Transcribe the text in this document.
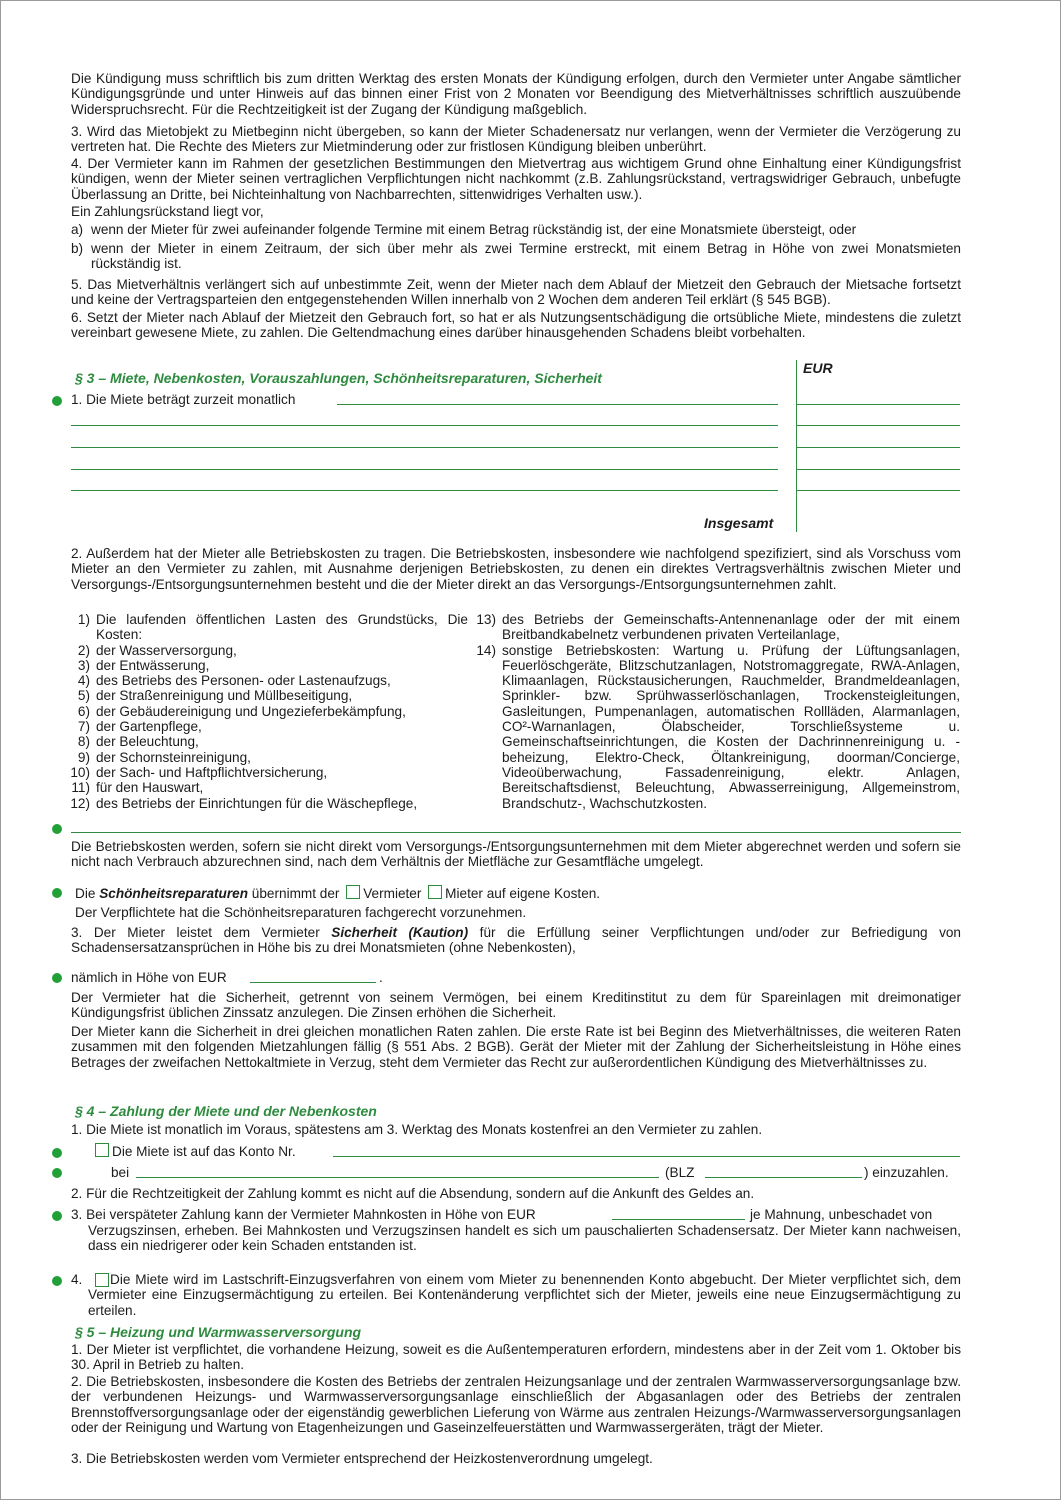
Die Kündigung muss schriftlich bis zum dritten Werktag des ersten Monats der Kündigung erfolgen, durch den Vermieter unter Angabe sämtlicher Kündigungsgründe und unter Hinweis auf das binnen einer Frist von 2 Monaten vor Beendigung des Mietverhältnisses schriftlich auszuübende Widerspruchsrecht. Für die Rechtzeitigkeit ist der Zugang der Kündigung maßgeblich.

3. Wird das Mietobjekt zu Mietbeginn nicht übergeben, so kann der Mieter Schadenersatz nur verlangen, wenn der Vermieter die Verzögerung zu vertreten hat. Die Rechte des Mieters zur Mietminderung oder zur fristlosen Kündigung bleiben unberührt.

4. Der Vermieter kann im Rahmen der gesetzlichen Bestimmungen den Mietvertrag aus wichtigem Grund ohne Einhaltung einer Kündigungsfrist kündigen, wenn der Mieter seinen vertraglichen Verpflichtungen nicht nachkommt (z.B. Zahlungsrückstand, vertragswidriger Gebrauch, unbefugte Überlassung an Dritte, bei Nichteinhaltung von Nachbarrechten, sittenwidriges Verhalten usw.).

Ein Zahlungsrückstand liegt vor,

a) wenn der Mieter für zwei aufeinander folgende Termine mit einem Betrag rückständig ist, der eine Monatsmiete übersteigt, oder
b) wenn der Mieter in einem Zeitraum, der sich über mehr als zwei Termine erstreckt, mit einem Betrag in Höhe von zwei Monatsmieten rückständig ist.

5. Das Mietverhältnis verlängert sich auf unbestimmte Zeit, wenn der Mieter nach dem Ablauf der Mietzeit den Gebrauch der Mietsache fortsetzt und keine der Vertragsparteien den entgegenstehenden Willen innerhalb von 2 Wochen dem anderen Teil erklärt (§ 545 BGB).

6. Setzt der Mieter nach Ablauf der Mietzeit den Gebrauch fort, so hat er als Nutzungsentschädigung die ortsübliche Miete, mindestens die zuletzt vereinbart gewesene Miete, zu zahlen. Die Geltendmachung eines darüber hinausgehenden Schadens bleibt vorbehalten.

EUR

§ 3 – Miete, Nebenkosten, Vorauszahlungen, Schönheitsreparaturen, Sicherheit

1. Die Miete beträgt zurzeit monatlich

Insgesamt

2. Außerdem hat der Mieter alle Betriebskosten zu tragen. Die Betriebskosten, insbesondere wie nachfolgend spezifiziert, sind als Vorschuss vom Mieter an den Vermieter zu zahlen, mit Ausnahme derjenigen Betriebskosten, zu denen ein direktes Vertragsverhältnis zwischen Mieter und Versorgungs-/Entsorgungsunternehmen besteht und die der Mieter direkt an das Versorgungs-/Entsorgungsunternehmen zahlt.

1) Die laufenden öffentlichen Lasten des Grundstücks, Die Kosten:
2) der Wasserversorgung,
3) der Entwässerung,
4) des Betriebs des Personen- oder Lastenaufzugs,
5) der Straßenreinigung und Müllbeseitigung,
6) der Gebäudereinigung und Ungezieferbekämpfung,
7) der Gartenpflege,
8) der Beleuchtung,
9) der Schornsteinreinigung,
10) der Sach- und Haftpflichtversicherung,
11) für den Hauswart,
12) des Betriebs der Einrichtungen für die Wäschepflege,
13) des Betriebs der Gemeinschafts-Antennenanlage oder der mit einem Breitbandkabelnetz verbundenen privaten Verteilanlage,
14) sonstige Betriebskosten: Wartung u. Prüfung der Lüftungsanlagen, Feuerlöschgeräte, Blitzschutzanlagen, Notstromaggregate, RWA-Anlagen, Klimaanlagen, Rückstausicherungen, Rauchmelder, Brandmeldeanlagen, Sprinkler- bzw. Sprühwasserlöschanlagen, Trockensteigleitungen, Gasleitungen, Pumpenanlagen, automatischen Rollläden, Alarmanlagen, CO²-Warnanlagen, Ölabscheider, Torschließsysteme u. Gemeinschaftseinrichtungen, die Kosten der Dachrinnenreinigung u. -beheizung, Elektro-Check, Öltankreinigung, doorman/Concierge, Videoüberwachung, Fassadenreinigung, elektr. Anlagen, Bereitschaftsdienst, Beleuchtung, Abwasserreinigung, Allgemeinstrom, Brandschutz-, Wachschutzkosten.

Die Betriebskosten werden, sofern sie nicht direkt vom Versorgungs-/Entsorgungsunternehmen mit dem Mieter abgerechnet werden und sofern sie nicht nach Verbrauch abzurechnen sind, nach dem Verhältnis der Mietfläche zur Gesamtfläche umgelegt.

Die Schönheitsreparaturen übernimmt der Vermieter Mieter auf eigene Kosten.

Der Verpflichtete hat die Schönheitsreparaturen fachgerecht vorzunehmen.

3. Der Mieter leistet dem Vermieter Sicherheit (Kaution) für die Erfüllung seiner Verpflichtungen und/oder zur Befriedigung von Schadensersatzansprüchen in Höhe bis zu drei Monatsmieten (ohne Nebenkosten),

nämlich in Höhe von EUR	.

Der Vermieter hat die Sicherheit, getrennt von seinem Vermögen, bei einem Kreditinstitut zu dem für Spareinlagen mit dreimonatiger Kündigungsfrist üblichen Zinssatz anzulegen. Die Zinsen erhöhen die Sicherheit.

Der Mieter kann die Sicherheit in drei gleichen monatlichen Raten zahlen. Die erste Rate ist bei Beginn des Mietverhältnisses, die weiteren Raten zusammen mit den folgenden Mietzahlungen fällig (§ 551 Abs. 2 BGB). Gerät der Mieter mit der Zahlung der Sicherheitsleistung in Höhe eines Betrages der zweifachen Nettokaltmiete in Verzug, steht dem Vermieter das Recht zur außerordentlichen Kündigung des Mietverhältnisses zu.

§ 4 – Zahlung der Miete und der Nebenkosten

1. Die Miete ist monatlich im Voraus, spätestens am 3. Werktag des Monats kostenfrei an den Vermieter zu zahlen.

Die Miete ist auf das Konto Nr.

bei	(BLZ	) einzuzahlen.

2. Für die Rechtzeitigkeit der Zahlung kommt es nicht auf die Absendung, sondern auf die Ankunft des Geldes an.

3. Bei verspäteter Zahlung kann der Vermieter Mahnkosten in Höhe von EUR	je Mahnung, unbeschadet von

Verzugszinsen, erheben. Bei Mahnkosten und Verzugszinsen handelt es sich um pauschalierten Schadensersatz. Der Mieter kann nachweisen, dass ein niedrigerer oder kein Schaden entstanden ist.

4.	Die Miete wird im Lastschrift-Einzugsverfahren von einem vom Mieter zu benennenden Konto abgebucht. Der Mieter verpflichtet sich, dem Vermieter eine Einzugsermächtigung zu erteilen. Bei Kontenänderung verpflichtet sich der Mieter, jeweils eine neue Einzugsermächtigung zu erteilen.

§ 5 – Heizung und Warmwasserversorgung

1. Der Mieter ist verpflichtet, die vorhandene Heizung, soweit es die Außentemperaturen erfordern, mindestens aber in der Zeit vom 1. Oktober bis 30. April in Betrieb zu halten.

2. Die Betriebskosten, insbesondere die Kosten des Betriebs der zentralen Heizungsanlage und der zentralen Warmwasserversorgungsanlage bzw. der verbundenen Heizungs- und Warmwasserversorgungsanlage einschließlich der Abgasanlagen oder des Betriebs der zentralen Brennstoffversorgungsanlage oder der eigenständig gewerblichen Lieferung von Wärme aus zentralen Heizungs-/Warmwasserversorgungsanlagen oder der Reinigung und Wartung von Etagenheizungen und Gaseinzelfeuerstätten und Warmwassergeräten, trägt der Mieter.

3. Die Betriebskosten werden vom Vermieter entsprechend der Heizkostenverordnung umgelegt.
